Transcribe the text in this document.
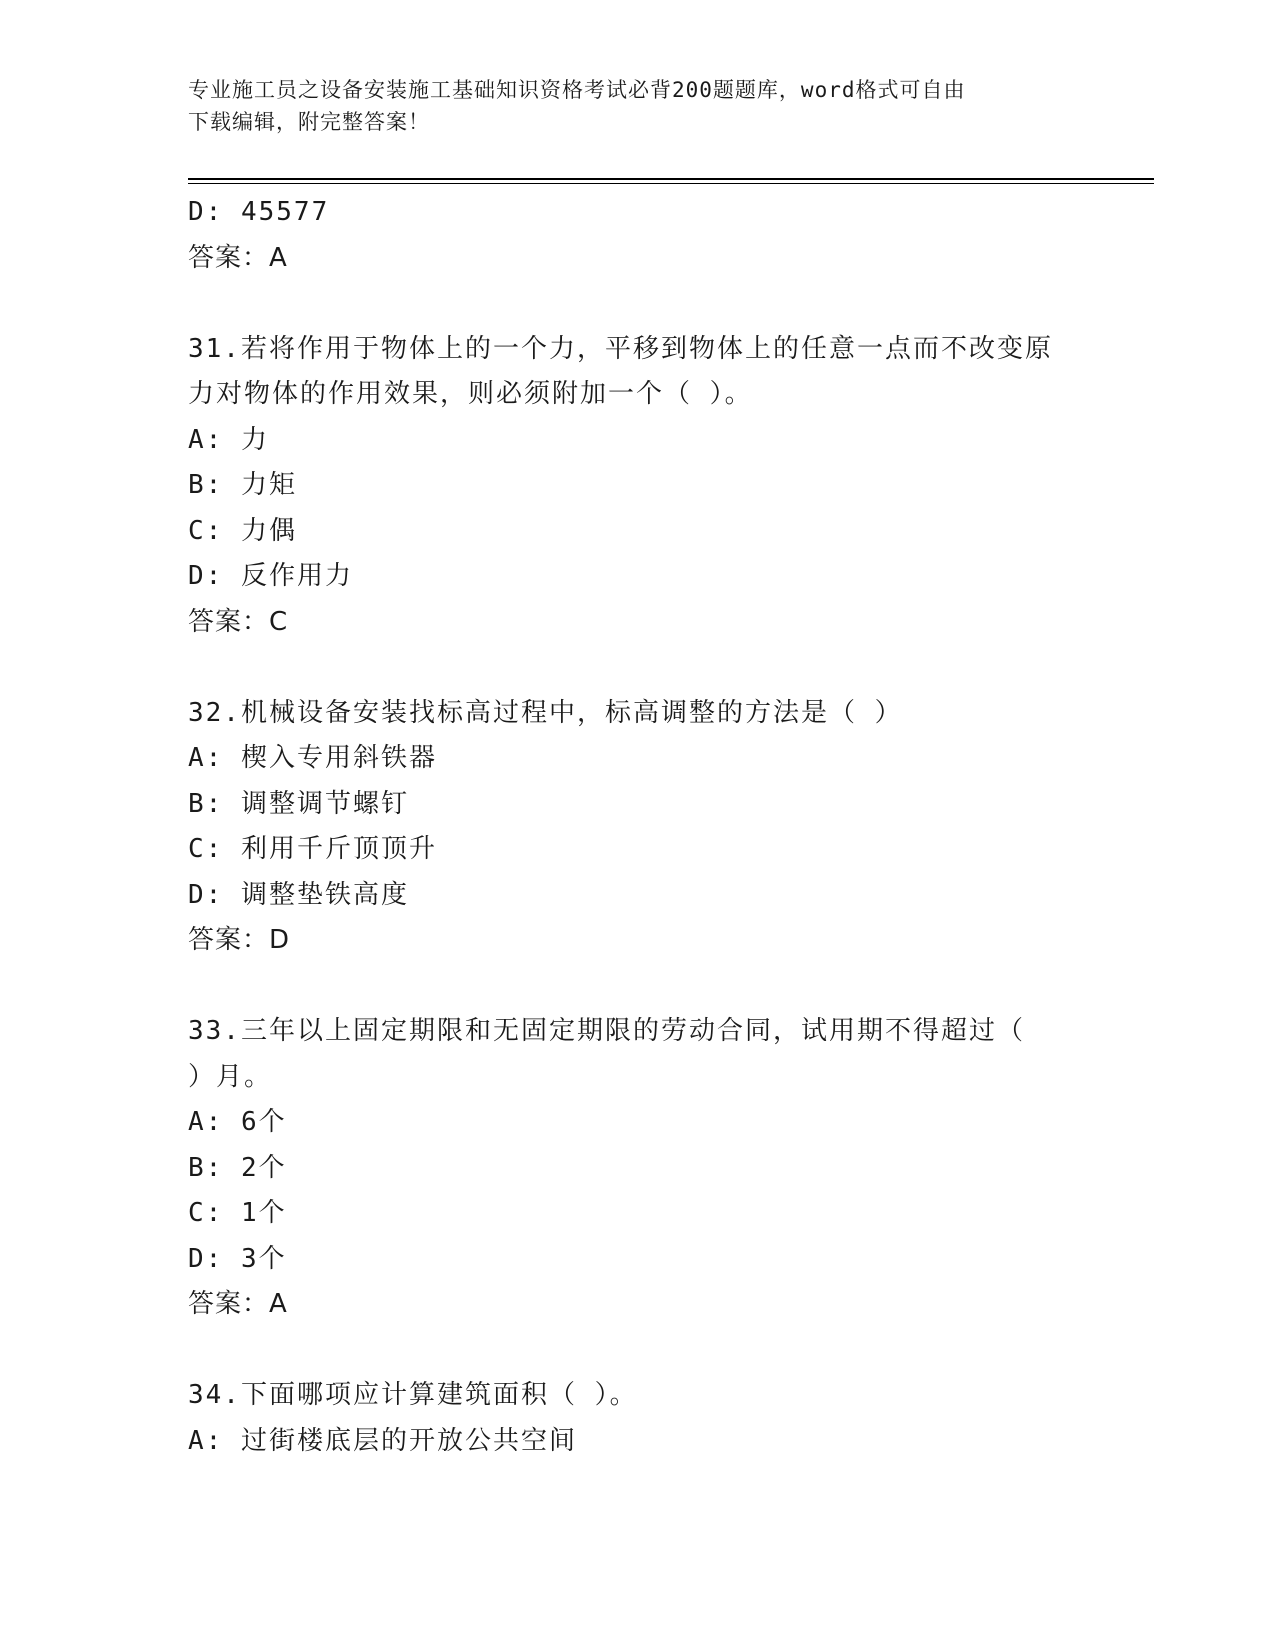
专业施工员之设备安装施工基础知识资格考试必背200题题库，word格式可自由
下载编辑，附完整答案！
D: 45577
答案：A
31.若将作用于物体上的一个力，平移到物体上的任意一点而不改变原
力对物体的作用效果，则必须附加一个（ ）。
A: 力
B: 力矩
C: 力偶
D: 反作用力
答案：C
32.机械设备安装找标高过程中，标高调整的方法是（ ）
A: 楔入专用斜铁器
B: 调整调节螺钉
C: 利用千斤顶顶升
D: 调整垫铁高度
答案：D
33.三年以上固定期限和无固定期限的劳动合同，试用期不得超过（
）月。
A: 6个
B: 2个
C: 1个
D: 3个
答案：A
34.下面哪项应计算建筑面积（ ）。
A: 过街楼底层的开放公共空间
